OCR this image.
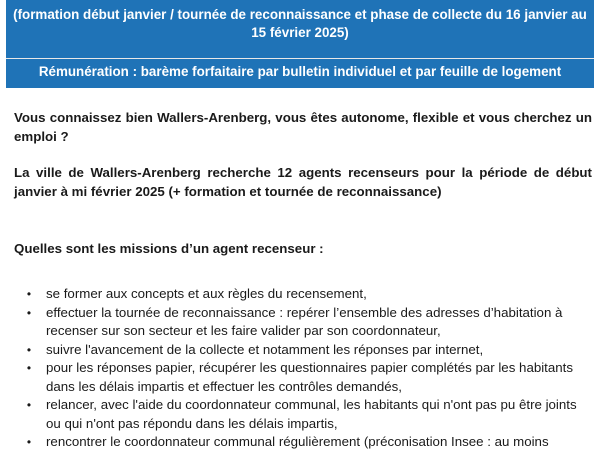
(formation début janvier / tournée de reconnaissance et phase de collecte du 16 janvier au
15 février 2025)
Rémunération : barème forfaitaire par bulletin individuel et par feuille de logement

Vous connaissez bien Wallers-Arenberg, vous êtes autonome, flexible et vous cherchez un emploi ?

La ville de Wallers-Arenberg recherche 12 agents recenseurs pour la période de début janvier à mi février 2025 (+ formation et tournée de reconnaissance)

Quelles sont les missions d’un agent recenseur :

• se former aux concepts et aux règles du recensement,
• effectuer la tournée de reconnaissance : repérer l’ensemble des adresses d’habitation à recenser sur son secteur et les faire valider par son coordonnateur,
• suivre l'avancement de la collecte et notamment les réponses par internet,
• pour les réponses papier, récupérer les questionnaires papier complétés par les habitants dans les délais impartis et effectuer les contrôles demandés,
• relancer, avec l'aide du coordonnateur communal, les habitants qui n'ont pas pu être joints ou qui n'ont pas répondu dans les délais impartis,
• rencontrer le coordonnateur communal régulièrement (préconisation Insee : au moins
